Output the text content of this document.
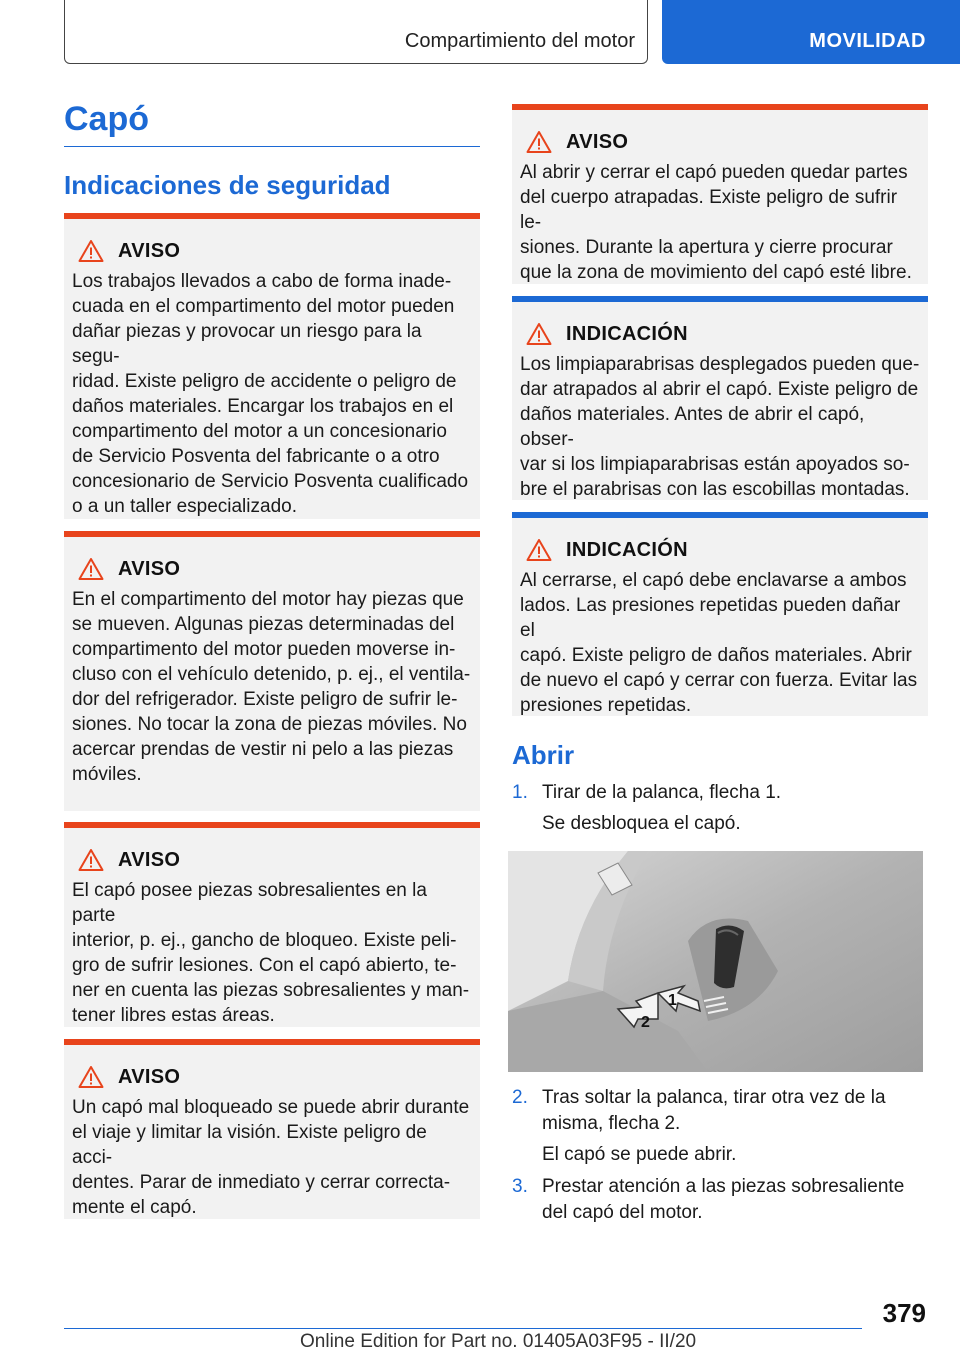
Compartimiento del motor	MOVILIDAD
Capó
Indicaciones de seguridad
AVISO
Los trabajos llevados a cabo de forma inade‐
cuada en el compartimento del motor pueden
dañar piezas y provocar un riesgo para la segu‐
ridad. Existe peligro de accidente o peligro de
daños materiales. Encargar los trabajos en el
compartimento del motor a un concesionario
de Servicio Posventa del fabricante o a otro
concesionario de Servicio Posventa cualificado
o a un taller especializado.
AVISO
En el compartimento del motor hay piezas que
se mueven. Algunas piezas determinadas del
compartimento del motor pueden moverse in‐
cluso con el vehículo detenido, p. ej., el ventila‐
dor del refrigerador. Existe peligro de sufrir le‐
siones. No tocar la zona de piezas móviles. No
acercar prendas de vestir ni pelo a las piezas
móviles.
AVISO
El capó posee piezas sobresalientes en la parte
interior, p. ej., gancho de bloqueo. Existe peli‐
gro de sufrir lesiones. Con el capó abierto, te‐
ner en cuenta las piezas sobresalientes y man‐
tener libres estas áreas.
AVISO
Un capó mal bloqueado se puede abrir durante
el viaje y limitar la visión. Existe peligro de acci‐
dentes. Parar de inmediato y cerrar correcta‐
mente el capó.
AVISO
Al abrir y cerrar el capó pueden quedar partes
del cuerpo atrapadas. Existe peligro de sufrir le‐
siones. Durante la apertura y cierre procurar
que la zona de movimiento del capó esté libre.
INDICACIÓN
Los limpiaparabrisas desplegados pueden que‐
dar atrapados al abrir el capó. Existe peligro de
daños materiales. Antes de abrir el capó, obser‐
var si los limpiaparabrisas están apoyados so‐
bre el parabrisas con las escobillas montadas.
INDICACIÓN
Al cerrarse, el capó debe enclavarse a ambos
lados. Las presiones repetidas pueden dañar el
capó. Existe peligro de daños materiales. Abrir
de nuevo el capó y cerrar con fuerza. Evitar las
presiones repetidas.
Abrir
1. Tirar de la palanca, flecha 1.
Se desbloquea el capó.
1
2
2. Tras soltar la palanca, tirar otra vez de la
misma, flecha 2.
El capó se puede abrir.
3. Prestar atención a las piezas sobresaliente
del capó del motor.
379
Online Edition for Part no. 01405A03F95 - II/20
